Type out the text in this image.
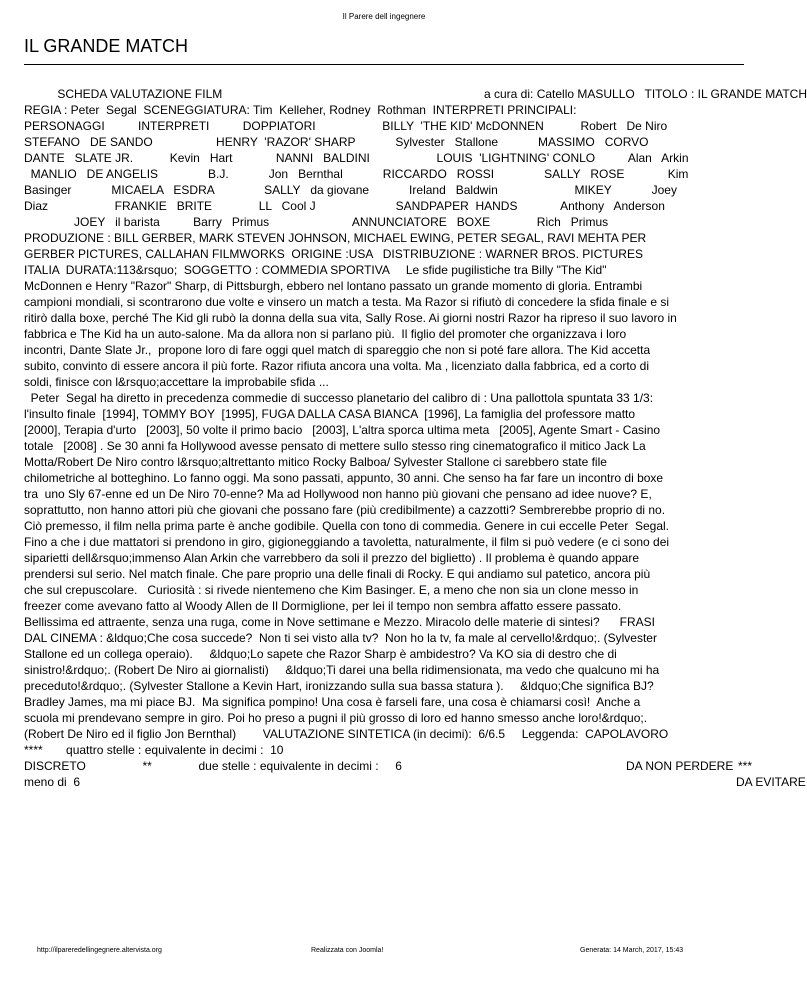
Il Parere dell ingegnere
IL GRANDE MATCH
SCHEDA VALUTAZIONE FILM	a cura di: Catello MASULLO   TITOLO : IL GRANDE MATCH
REGIA : Peter  Segal  SCENEGGIATURA: Tim  Kelleher, Rodney  Rothman  INTERPRETI PRINCIPALI:
PERSONAGGI          INTERPRETI          DOPPIATORI                    BILLY  'THE KID' McDONNEN           Robert   De Niro
STEFANO   DE SANDO                   HENRY  'RAZOR' SHARP            Sylvester   Stallone            MASSIMO   CORVO
DANTE   SLATE JR.           Kevin   Hart             NANNI   BALDINI                    LOUIS  'LIGHTNING' CONLO          Alan   Arkin
MANLIO   DE ANGELIS               B.J.            Jon   Bernthal            RICCARDO   ROSSI               SALLY   ROSE             Kim
Basinger            MICAELA   ESDRA               SALLY   da giovane            Ireland   Baldwin                       MIKEY            Joey
Diaz                    FRANKIE   BRITE              LL   Cool J                        SANDPAPER  HANDS             Anthony   Anderson
JOEY   il barista          Barry   Primus                         ANNUNCIATORE   BOXE              Rich   Primus
PRODUZIONE : BILL GERBER, MARK STEVEN JOHNSON, MICHAEL EWING, PETER SEGAL, RAVI MEHTA PER
GERBER PICTURES, CALLAHAN FILMWORKS  ORIGINE :USA   DISTRIBUZIONE : WARNER BROS. PICTURES
ITALIA  DURATA:113&rsquo;  SOGGETTO : COMMEDIA SPORTIVA     Le sfide pugilistiche tra Billy "The Kid"
McDonnen e Henry "Razor" Sharp, di Pittsburgh, ebbero nel lontano passato un grande momento di gloria. Entrambi
campioni mondiali, si scontrarono due volte e vinsero un match a testa. Ma Razor si rifiutò di concedere la sfida finale e si
ritirò dalla boxe, perché The Kid gli rubò la donna della sua vita, Sally Rose. Ai giorni nostri Razor ha ripreso il suo lavoro in
fabbrica e The Kid ha un auto-salone. Ma da allora non si parlano più.  Il figlio del promoter che organizzava i loro
incontri, Dante Slate Jr.,  propone loro di fare oggi quel match di spareggio che non si poté fare allora. The Kid accetta
subito, convinto di essere ancora il più forte. Razor rifiuta ancora una volta. Ma , licenziato dalla fabbrica, ed a corto di
soldi, finisce con l&rsquo;accettare la improbabile sfida ...
Peter  Segal ha diretto in precedenza commedie di successo planetario del calibro di : Una pallottola spuntata 33 1/3:
l'insulto finale  [1994], TOMMY BOY  [1995], FUGA DALLA CASA BIANCA  [1996], La famiglia del professore matto
[2000], Terapia d'urto   [2003], 50 volte il primo bacio   [2003], L'altra sporca ultima meta   [2005], Agente Smart - Casino
totale   [2008] . Se 30 anni fa Hollywood avesse pensato di mettere sullo stesso ring cinematografico il mitico Jack La
Motta/Robert De Niro contro l&rsquo;altrettanto mitico Rocky Balboa/ Sylvester Stallone ci sarebbero state file
chilometriche al botteghino. Lo fanno oggi. Ma sono passati, appunto, 30 anni. Che senso ha far fare un incontro di boxe
tra  uno Sly 67-enne ed un De Niro 70-enne? Ma ad Hollywood non hanno più giovani che pensano ad idee nuove? E,
soprattutto, non hanno attori più che giovani che possano fare (più credibilmente) a cazzotti? Sembrerebbe proprio di no.
Ciò premesso, il film nella prima parte è anche godibile. Quella con tono di commedia. Genere in cui eccelle Peter  Segal.
Fino a che i due mattatori si prendono in giro, gigioneggiando a tavoletta, naturalmente, il film si può vedere (e ci sono dei
siparietti dell&rsquo;immenso Alan Arkin che varrebbero da soli il prezzo del biglietto) . Il problema è quando appare
prendersi sul serio. Nel match finale. Che pare proprio una delle finali di Rocky. E qui andiamo sul patetico, ancora più
che sul crepuscolare.   Curiosità : si rivede nientemeno che Kim Basinger. E, a meno che non sia un clone messo in
freezer come avevano fatto al Woody Allen de Il Dormiglione, per lei il tempo non sembra affatto essere passato.
Bellissima ed attraente, senza una ruga, come in Nove settimane e Mezzo. Miracolo delle materie di sintesi?      FRASI
DAL CINEMA : &ldquo;Che cosa succede?  Non ti sei visto alla tv?  Non ho la tv, fa male al cervello!&rdquo;. (Sylvester
Stallone ed un collega operaio).     &ldquo;Lo sapete che Razor Sharp è ambidestro? Va KO sia di destro che di
sinistro!&rdquo;. (Robert De Niro ai giornalisti)     &ldquo;Ti darei una bella ridimensionata, ma vedo che qualcuno mi ha
preceduto!&rdquo;. (Sylvester Stallone a Kevin Hart, ironizzando sulla sua bassa statura ).     &ldquo;Che significa BJ?
Bradley James, ma mi piace BJ.  Ma significa pompino! Una cosa è farseli fare, una cosa è chiamarsi così!  Anche a
scuola mi prendevano sempre in giro. Poi ho preso a pugni il più grosso di loro ed hanno smesso anche loro!&rdquo;.
(Robert De Niro ed il figlio Jon Bernthal)        VALUTAZIONE SINTETICA (in decimi):  6/6.5     Leggenda:  CAPOLAVORO
****       quattro stelle : equivalente in decimi :  10
DISCRETO                 **              due stelle : equivalente in decimi :     6
meno di  6
DA NON PERDERE ***
DA EVITARE
http://ilpareredellingegnere.altervista.org	Realizzata con Joomla!	Generata: 14 March, 2017, 15:43
